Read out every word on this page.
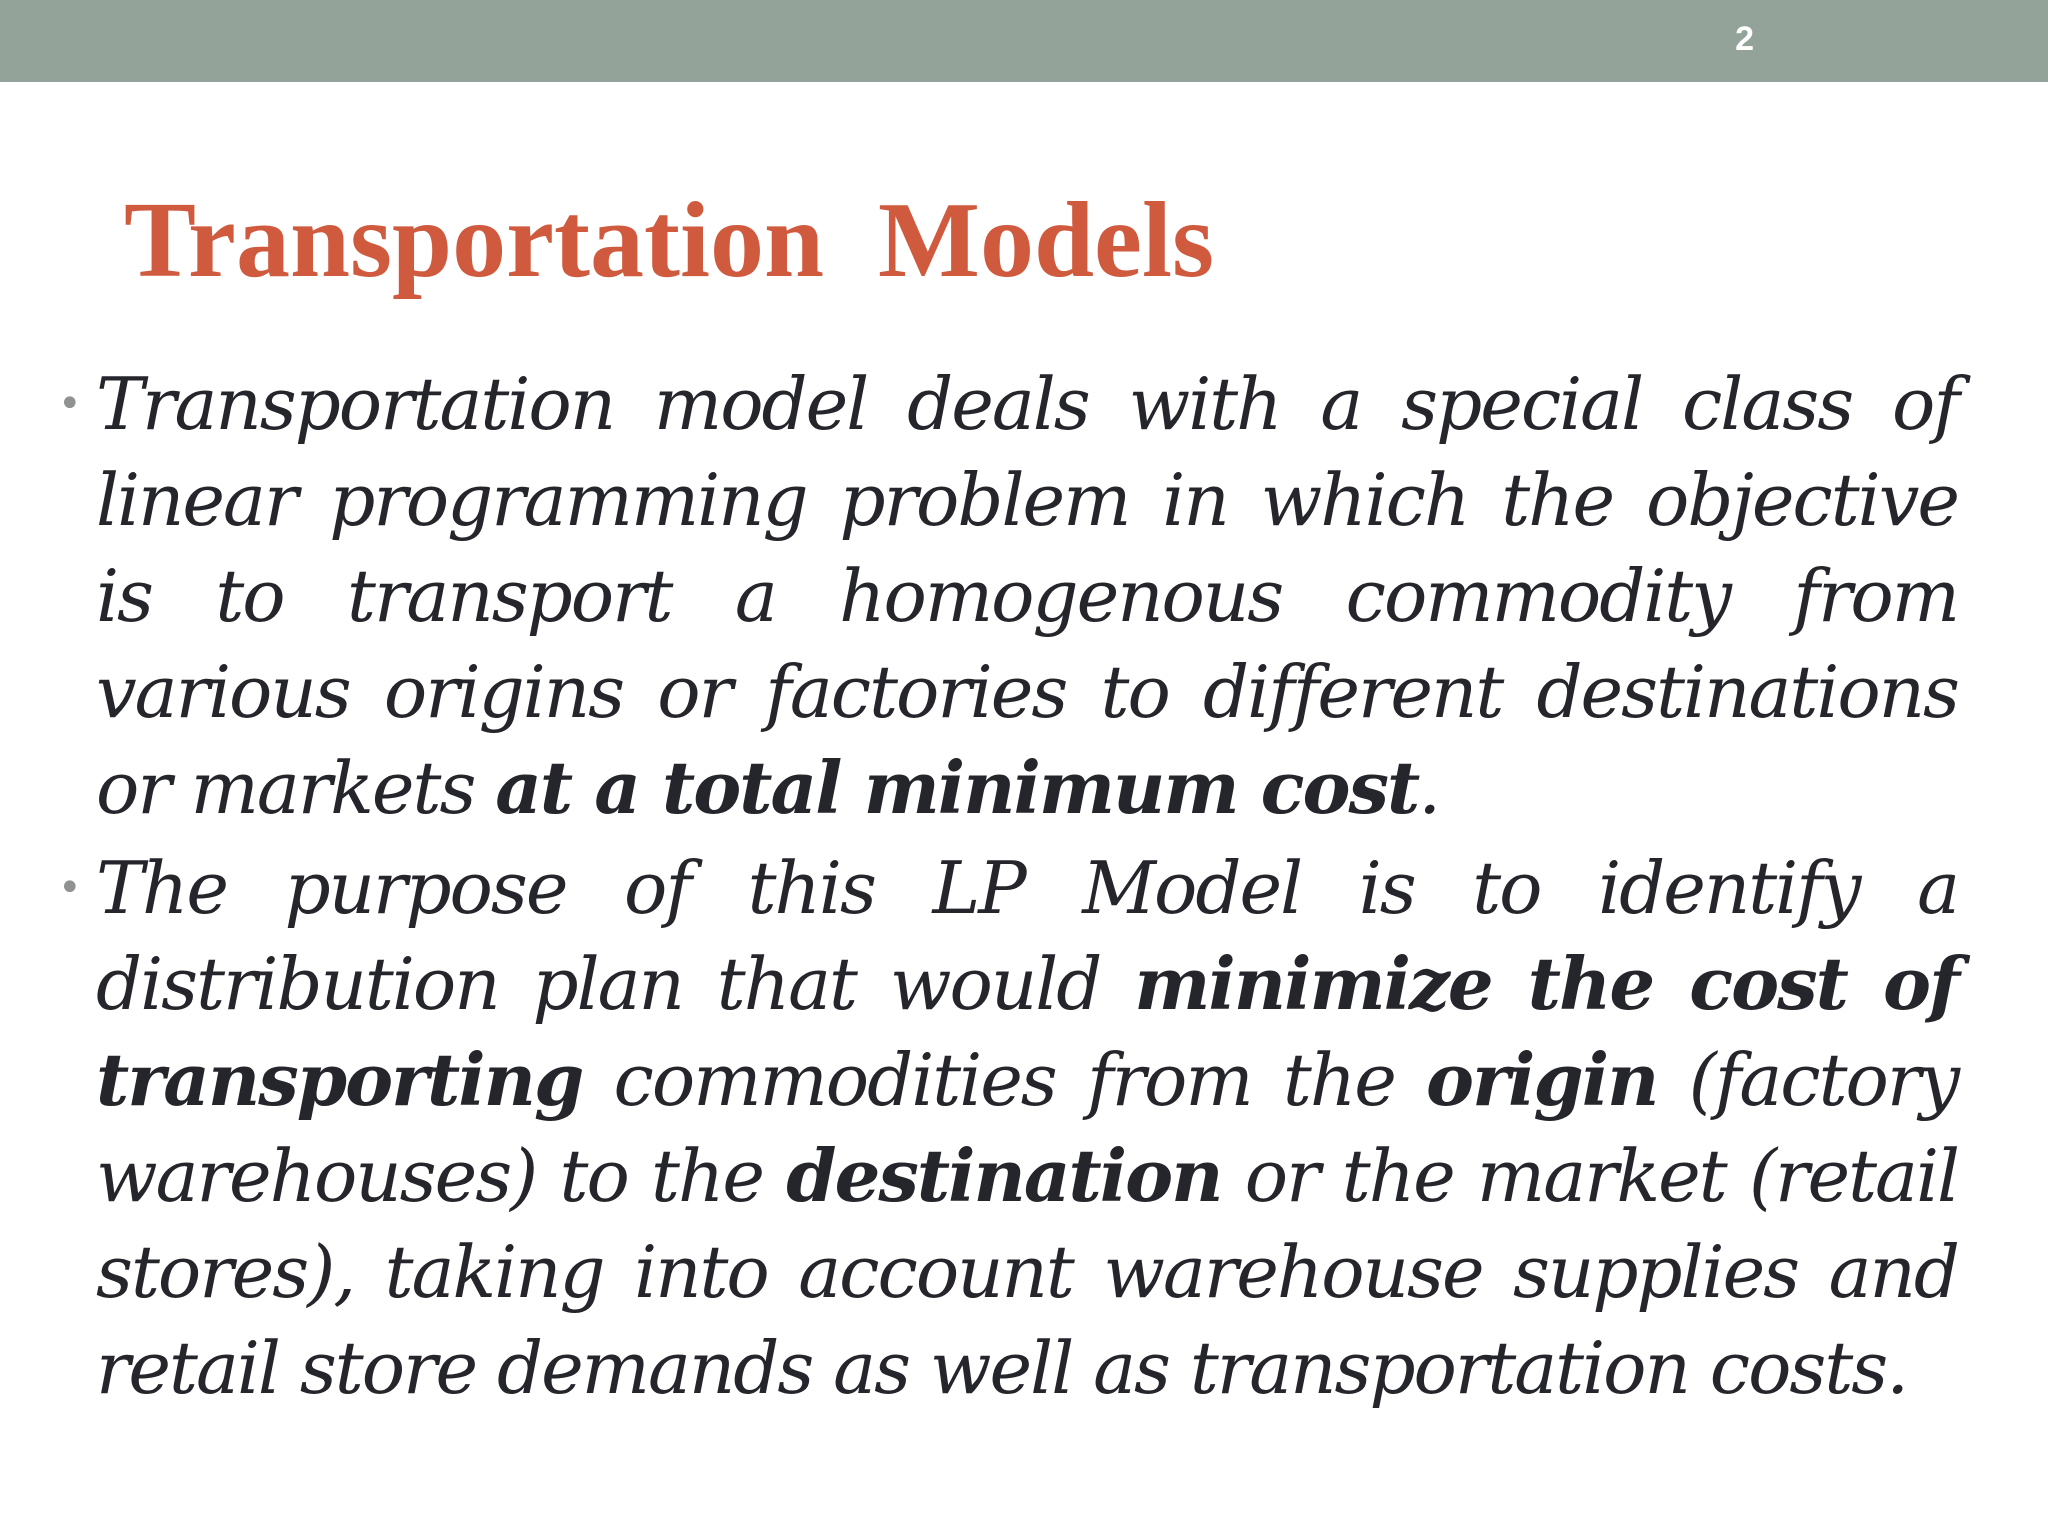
2
Transportation  Models
• Transportation model deals with a special class of linear programming problem in which the objective is to transport a homogenous commodity from various origins or factories to different destinations or markets at a total minimum cost.
• The purpose of this LP Model is to identify a distribution plan that would minimize the cost of transporting commodities from the origin (factory warehouses) to the destination or the market (retail stores), taking into account warehouse supplies and retail store demands as well as transportation costs.
